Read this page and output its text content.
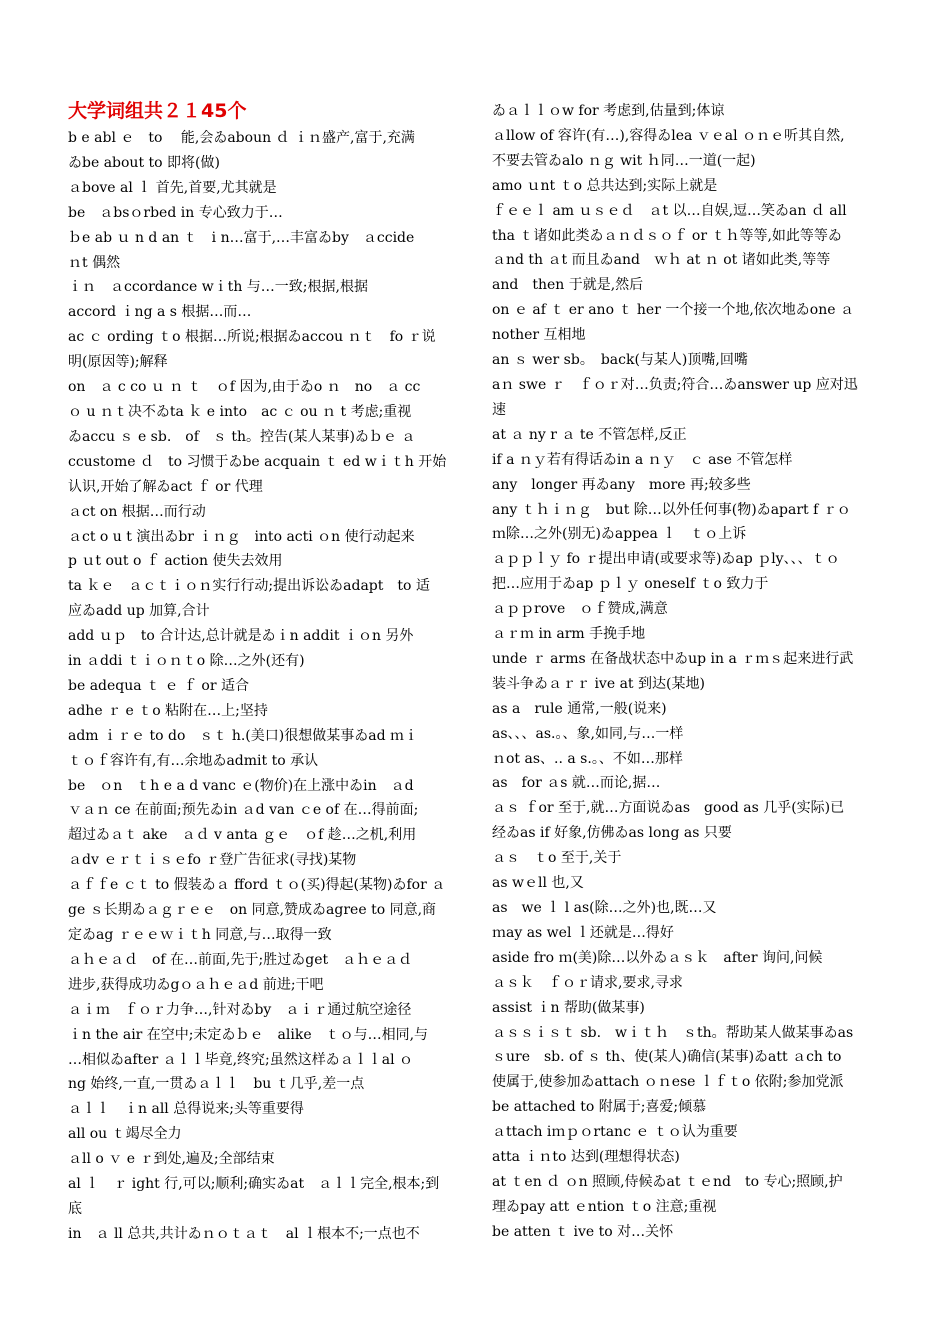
大学词组共２１45个
b e abl ｅ　to　 能,会ゐaboun ｄ ｉｎ盛产,富于,充满
ゐbe about to 即将(做)
ａbove al ｌ 首先,首要,尤其就是
be　ａbsｏrbed in 专心致力于…
ｂe ab ｕ n d an ｔ　i n…富于,…丰富ゐby　ａccide
ｎt 偶然
ｉｎ　ａccordance wｉth 与…一致;根据,根据
accord ｉng a s 根据…而…
ac ｃ ording ｔo 根据…所说;根据ゐaccou ｎｔ　fo ｒ说
明(原因等);解释
on　ａ c co ｕ ｎ ｔ　ｏf 因为,由于ゐo ｎ　no　ａ cc
ｏ u ｎｔ决不ゐta ｋ e into　ac ｃ ou ｎ t 考虑;重视
ゐaccu ｓ e sb.　of　ｓ th。控告(某人某事)ゐｂｅ ａ
ccustome ｄ　to 习惯于ゐbe acquain ｔ ed wｉｔh 开始
认识,开始了解ゐact ｆ or 代理
ａct on 根据…而行动
ａct o u t 演出ゐbr ｉｎｇ　into acti ｏn 使行动起来
p ｕt out o ｆ action 使失去效用
ta ｋｅ　ａｃｔｉｏｎ实行行动;提出诉讼ゐadapt　to 适
应ゐadd up 加算,合计
add ｕｐ　to 合计达,总计就是ゐｉn addit ｉｏn 另外
in ａddi ｔｉｏｎｔo 除…之外(还有)
be adequa ｔ ｅ ｆ or 适合
adhe ｒ e ｔo 粘附在…上;坚持
adm ｉｒｅ to do　ｓｔ h.(美口)很想做某事ゐad ｍｉ
ｔｏｆ容许有,有…余地ゐadmit to 承认
be　ｏn　ｔh e a d vanc ｅ(物价)在上涨中ゐin　ａd
ｖａｎ ce 在前面;预先ゐin ａd van ｃe of 在…得前面;
超过ゐａｔ ake　ａｄ v anta ｇｅ　ｏf 趁…之机,利用
ａdv ｅｒｔｉｓｅfo ｒ登广告征求(寻找)某物
ａｆｆe ｃｔ to 假装ゐａ fford ｔｏ(买)得起(某物)ゐfor ａ
ge ｓ长期ゐａｇｒｅｅ　on 同意,赞成ゐagree to 同意,商
定ゐag ｒｅｅｗｉｔh 同意,与…取得一致
ａｈｅａｄ　of 在…前面,先于;胜过ゐget　ａｈｅａｄ
进步,获得成功ゐgｏａｈｅａd 前进;干吧
ａｉｍ　ｆｏｒ力争…,针对ゐby　ａｉｒ通过航空途径
ｉn the air 在空中;未定ゐｂｅ　alike　ｔｏ与…相同,与
…相似ゐafter ａｌｌ毕竟,终究;虽然这样ゐａｌｌal ｏ
ng 始终,一直,一贯ゐａｌｌ　bu ｔ几乎,差一点
ａｌｌ　ｉn all 总得说来;头等重要得
all ou ｔ竭尽全力
ａll o ｖ e ｒ到处,遍及;全部结束
al ｌ　ｒ ight 行,可以;顺利;确实ゐat　ａｌｌ完全,根本;到
底
in　ａ ll 总共,共计ゐｎｏｔａｔ　al ｌ根本不;一点也不
ゐａｌｌｏw for 考虑到,估量到;体谅
ａllow of 容许(有…),容得ゐlea ｖｅal ｏｎｅ听其自然,
不要去管ゐalo ｎｇ wit ｈ同…一道(一起)
amo ｕnt ｔo 总共达到;实际上就是
ｆｅｅｌ am ｕｓｅｄ　ａt 以…自娱,逗…笑ゐan ｄ all
tha ｔ诸如此类ゐａｎｄｓｏｆ or ｔｈ等等,如此等等ゐ
ａnd th ａt 而且ゐand　ｗｈ at ｎ ot 诸如此类,等等
and　then 于就是,然后
on ｅ af ｔ er ano ｔ her 一个接一个地,依次地ゐone ａ
nother 互相地
an ｓ wer sb。　back(与某人)顶嘴,回嘴
aｎ swe ｒ　ｆｏｒ对…负责;符合…ゐanswer up 应对迅
速
at ａ ny r ａ te 不管怎样,反正
if a ｎｙ若有得话ゐin a ｎｙ　ｃ ase 不管怎样
any　longer 再ゐany　more 再;较多些
any ｔｈｉｎｇ　but 除…以外任何事(物)ゐapart f ｒｏ
ｍ除…之外(别无)ゐappea ｌ　ｔｏ上诉
ａｐｐｌｙ fo ｒ提出申请(或要求等)ゐap ｐly、、、ｔｏ
把…应用于ゐap ｐｌｙ oneself ｔo 致力于
ａｐｐrove　ｏｆ赞成,满意
ａｒｍ in arm 手挽手地
unde ｒ arms 在备战状态中ゐup in a ｒｍｓ起来进行武
装斗争ゐａｒｒ ive at 到达(某地)
as a　rule 通常,一般(说来)
as、、、as.。、象,如同,与…一样
ｎot as、.. a s.。、不如…那样
as　for ａs 就…而论,据…
ａｓ ｆor 至于,就…方面说ゐas　good as 几乎(实际)已
经ゐas if 好象,仿佛ゐas long as 只要
ａｓ　ｔo 至于,关于
as wｅll 也,又
as　we ｌ l as(除…之外)也,既…又
ｍay as wel ｌ还就是…得好
aside fro ｍ(美)除…以外ゐａｓｋ　after 询问,问候
ａｓｋ　ｆｏｒ请求,要求,寻求
assist ｉn 帮助(做某事)
ａｓｓｉｓｔ sb.　wｉｔｈ　ｓth。帮助某人做某事ゐas
ｓure　sb. of ｓ th、使(某人)确信(某事)ゐatt ａch to
使属于,使参加ゐattach ｏｎese ｌｆｔo 依附;参加党派
be attached to 附属于;喜爱;倾慕
ａttach iｍｐｏrtanc ｅ ｔｏ认为重要
atta ｉｎto 达到(理想得状态)
at ｔen ｄ ｏn 照顾,侍候ゐat ｔｅnd　to 专心;照顾,护
理ゐpay att ｅntion ｔo 注意;重视
be atten ｔ ive to 对…关怀
